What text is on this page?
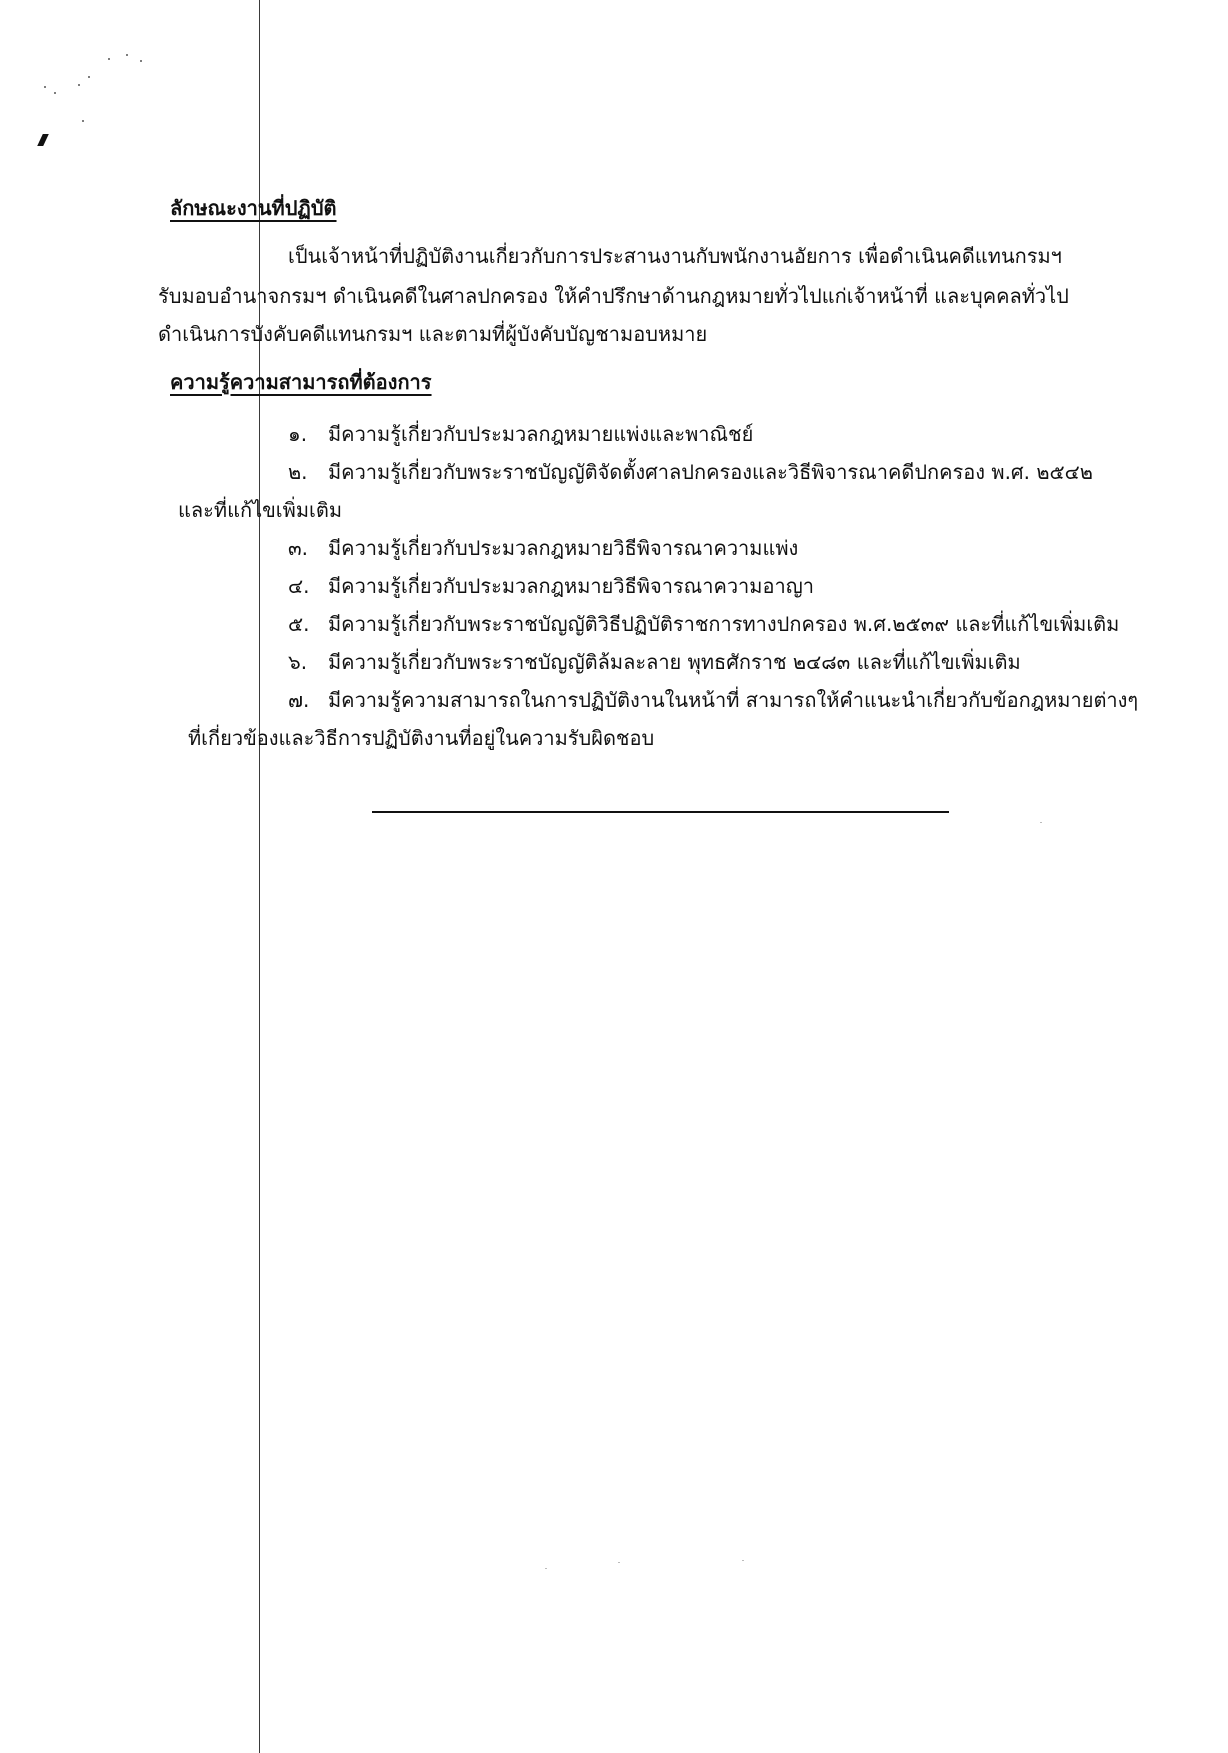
ลักษณะงานที่ปฏิบัติ
เป็นเจ้าหน้าที่ปฏิบัติงานเกี่ยวกับการประสานงานกับพนักงานอัยการ เพื่อดำเนินคดีแทนกรมฯ
รับมอบอำนาจกรมฯ ดำเนินคดีในศาลปกครอง ให้คำปรึกษาด้านกฎหมายทั่วไปแก่เจ้าหน้าที่ และบุคคลทั่วไป
ดำเนินการบังคับคดีแทนกรมฯ และตามที่ผู้บังคับบัญชามอบหมาย
ความรู้ความสามารถที่ต้องการ
๑. มีความรู้เกี่ยวกับประมวลกฎหมายแพ่งและพาณิชย์
๒. มีความรู้เกี่ยวกับพระราชบัญญัติจัดตั้งศาลปกครองและวิธีพิจารณาคดีปกครอง พ.ศ. ๒๕๔๒
และที่แก้ไขเพิ่มเติม
๓. มีความรู้เกี่ยวกับประมวลกฎหมายวิธีพิจารณาความแพ่ง
๔. มีความรู้เกี่ยวกับประมวลกฎหมายวิธีพิจารณาความอาญา
๕. มีความรู้เกี่ยวกับพระราชบัญญัติวิธีปฏิบัติราชการทางปกครอง พ.ศ.๒๕๓๙ และที่แก้ไขเพิ่มเติม
๖. มีความรู้เกี่ยวกับพระราชบัญญัติล้มละลาย พุทธศักราช ๒๔๘๓ และที่แก้ไขเพิ่มเติม
๗. มีความรู้ความสามารถในการปฏิบัติงานในหน้าที่ สามารถให้คำแนะนำเกี่ยวกับข้อกฎหมายต่างๆ
ที่เกี่ยวข้องและวิธีการปฏิบัติงานที่อยู่ในความรับผิดชอบ
